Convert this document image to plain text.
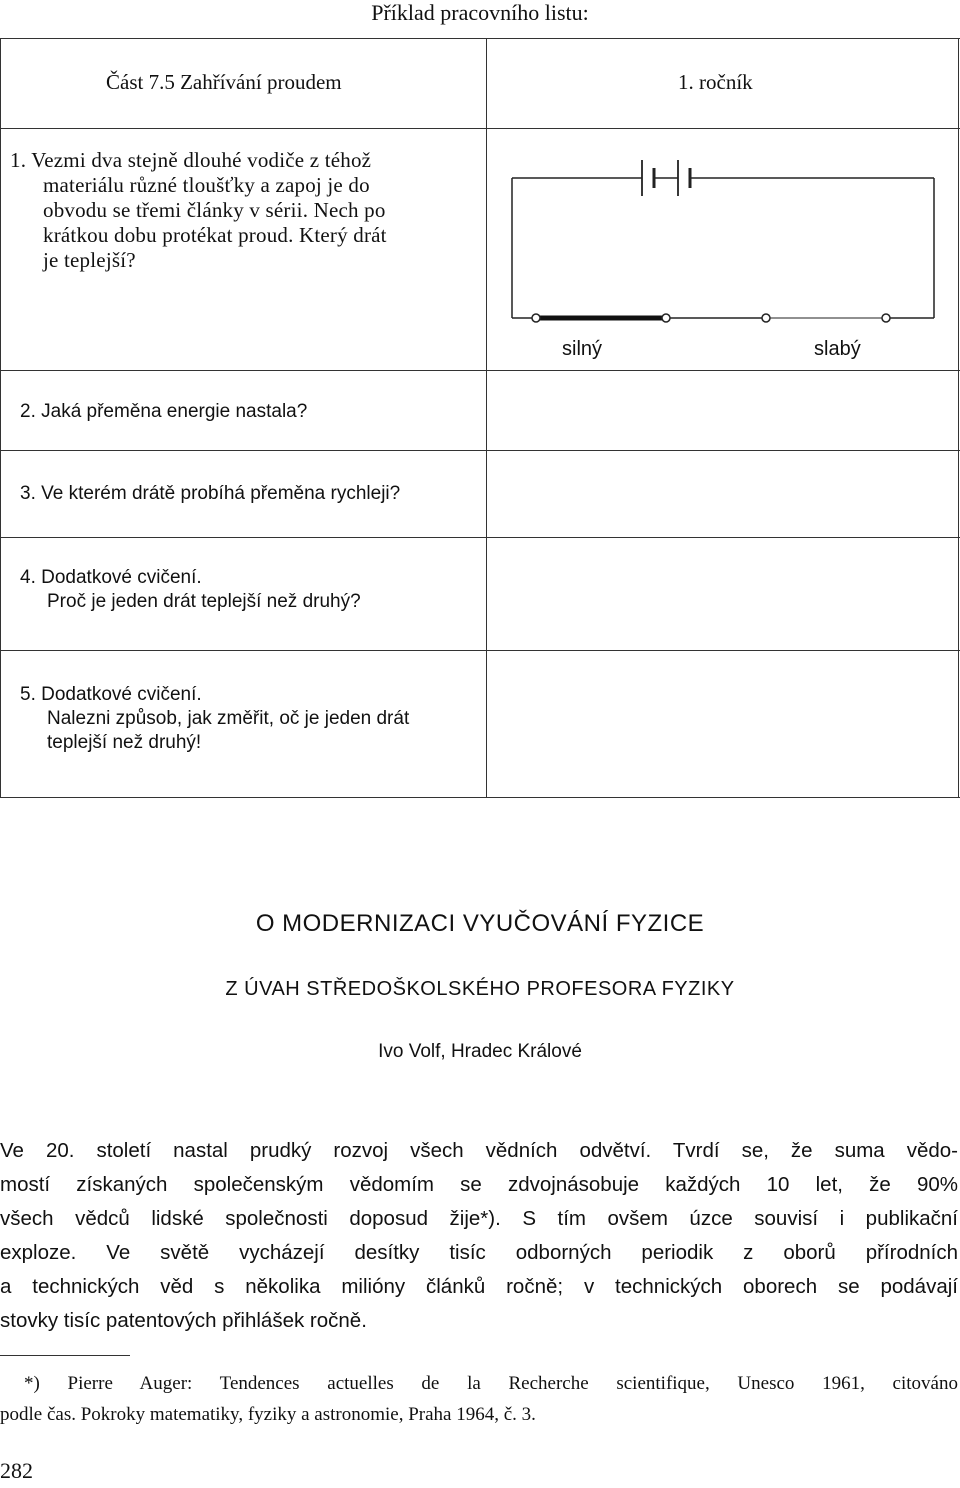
Příklad pracovního listu:
Část 7.5 Zahřívání proudem	1. ročník
1. Vezmi dva stejně dlouhé vodiče z téhož
materiálu různé tloušťky a zapoj je do
obvodu se třemi články v sérii. Nech po
krátkou dobu protékat proud. Který drát
je teplejší?
silný	slabý
2. Jaká přeměna energie nastala?
3. Ve kterém drátě probíhá přeměna rychleji?
4. Dodatkové cvičení.
Proč je jeden drát teplejší než druhý?
5. Dodatkové cvičení.
Nalezni způsob, jak změřit, oč je jeden drát
teplejší než druhý!
O MODERNIZACI VYUČOVÁNÍ FYZICE
Z ÚVAH STŘEDOŠKOLSKÉHO PROFESORA FYZIKY
Ivo Volf, Hradec Králové
Ve 20. století nastal prudký rozvoj všech vědních odvětví. Tvrdí se, že suma vědo-
mostí získaných společenským vědomím se zdvojnásobuje každých 10 let, že 90%
všech vědců lidské společnosti doposud žije*). S tím ovšem úzce souvisí i publikační
exploze. Ve světě vycházejí desítky tisíc odborných periodik z oborů přírodních
a technických věd s několika milióny článků ročně; v technických oborech se podávají
stovky tisíc patentových přihlášek ročně.
*) Pierre Auger: Tendences actuelles de la Recherche scientifique, Unesco 1961, citováno
podle čas. Pokroky matematiky, fyziky a astronomie, Praha 1964, č. 3.
282
